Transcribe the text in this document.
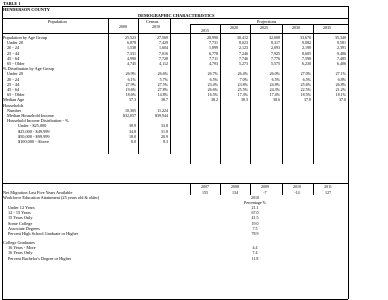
TABLE 1
HENDERSON COUNTY
DEMOGRAPHIC CHARACTERISTICS
Population	Census	Projections
2000	2010
2015
2020	2025	2030	2035
Population by Age Group	25,523	27,569	28,990	30,412	32,008	33,670	35,340
Under 20	6,878	7,429	7,731	8,023	8,317	9,082	9,581
20 - 24	1,538	1,604	1,899	2,123	2,093	2,190	2,391
25 - 44	7,331	7,016	6,778	7,246	7,925	8,605	9,486
45 - 64	4,990	7,728	7,711	7,746	7,776	7,598	7,485
65 - Older	4,745	4,112	4,793	5,273	5,575	6,230	6,406
% Distribution by Age Group
Under 20	26.9%	26.6%	26.7%	26.4%	26.0%	27.0%	27.1%
20 - 24	6.1%	5.7%	6.5%	7.0%	6.5%	6.5%	6.8%
25 - 44	27.9%	27.5%	23.4%	23.8%	24.8%	25.6%	26.8%
45 - 64	19.6%	27.8%	26.6%	25.5%	24.3%	22.5%	21.2%
65 - Older	18.6%	14.8%	16.5%	17.3%	17.4%	18.5%	18.1%
Median Age	37.3	38.7	38.2	38.3	38.6	37.8	37.0
Households
Number	10,305	11,224
Median Household Income	$32,057	$39,944
Household Income Distribution - %
Under - $25,000	38.9	33.8
$25,000 - $49,999	34.8	31.8
$50,000 - $99,999	18.0	20.9
$100,000 - Above	8.0	8.3
2007	2008	2009	2010	2011
Net Migration Last Five Years Available	155	134	-7	-14	127
Workforce Education Attainment (25 years old & older)	2010
Percentage %
Under 12 Years	21.1
12 - 15 Years	67.0
15 Years Only	41.5
Some College	19.0
Associate Degrees	7.5
Percent High School Graduate or Higher	78.9
College Graduates
16 Years - More	4.4
16 Years Only	7.4
Percent Bachelor's Degree or Higher	11.8
